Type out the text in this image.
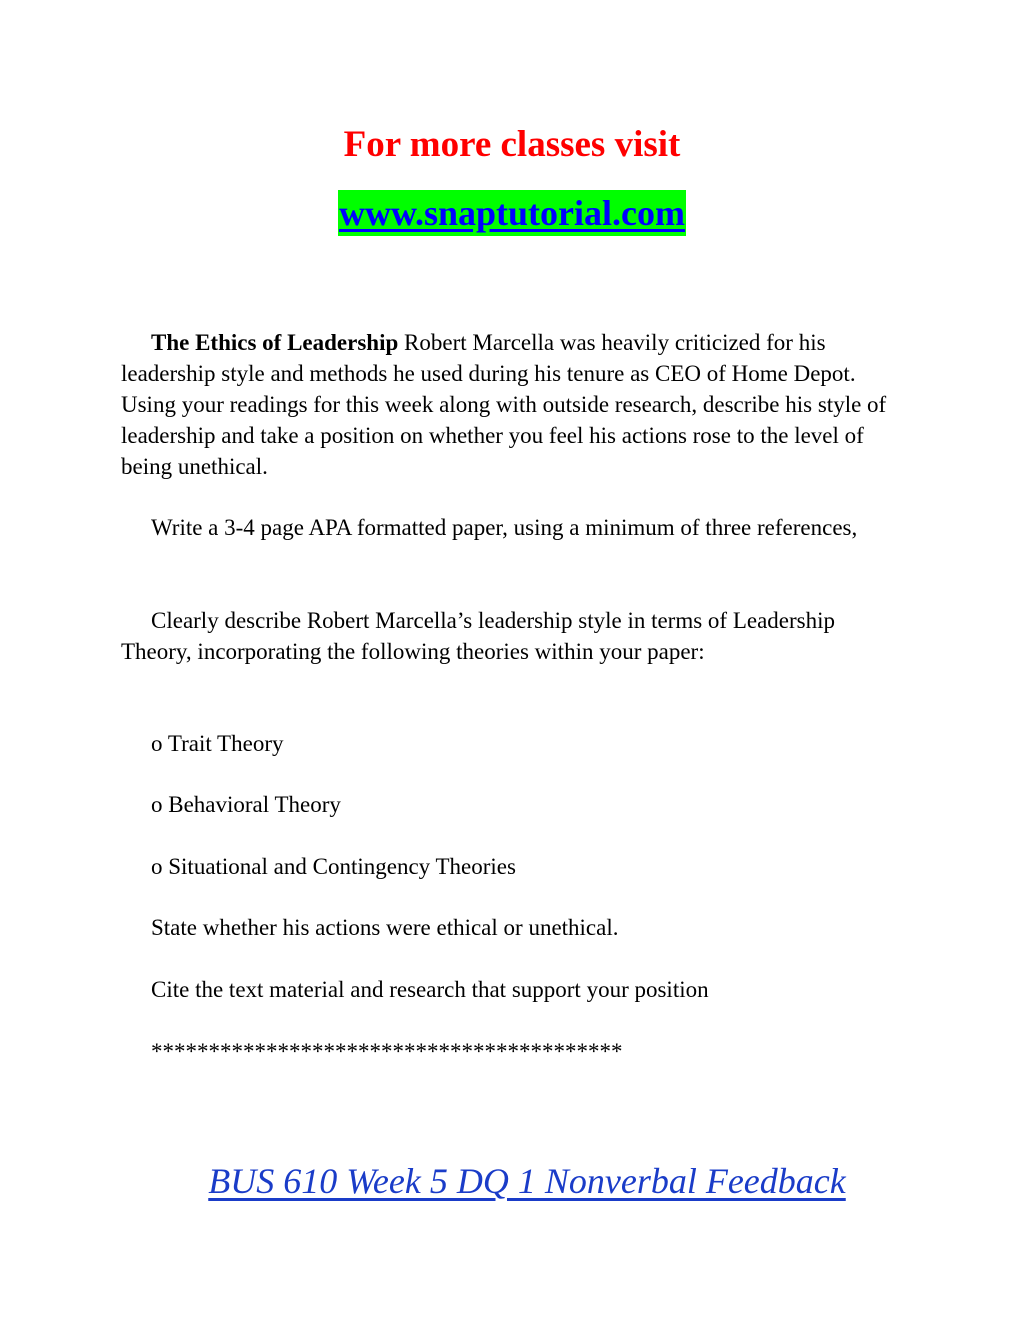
For more classes visit
www.snaptutorial.com

The Ethics of Leadership Robert Marcella was heavily criticized for his leadership style and methods he used during his tenure as CEO of Home Depot. Using your readings for this week along with outside research, describe his style of leadership and take a position on whether you feel his actions rose to the level of being unethical.

Write a 3-4 page APA formatted paper, using a minimum of three references,

Clearly describe Robert Marcella’s leadership style in terms of Leadership Theory, incorporating the following theories within your paper:

o Trait Theory

o Behavioral Theory

o Situational and Contingency Theories

State whether his actions were ethical or unethical.

Cite the text material and research that support your position

*****************************************

BUS 610 Week 5 DQ 1 Nonverbal Feedback
